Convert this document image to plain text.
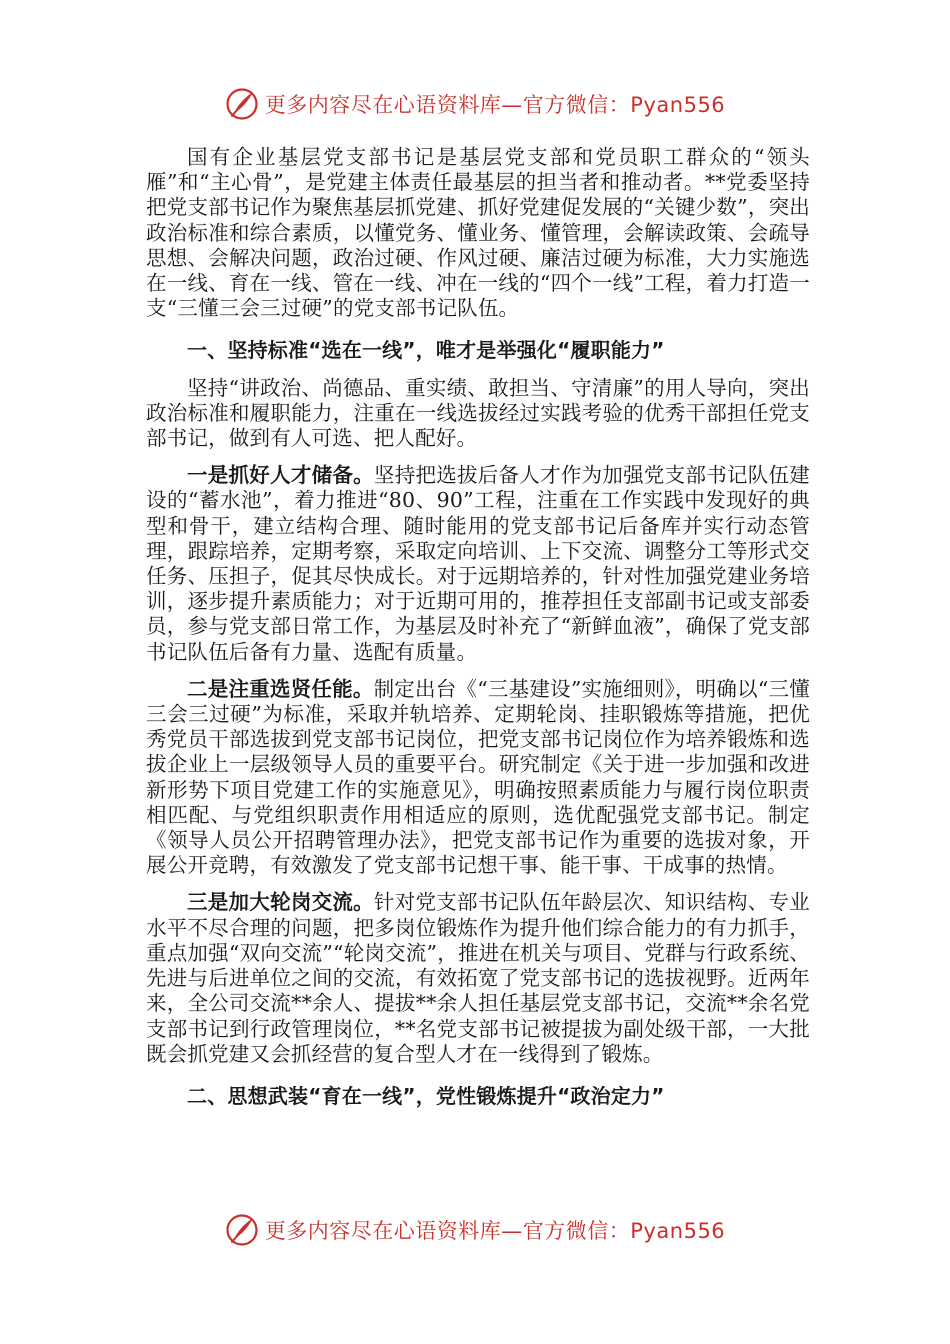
更多内容尽在心语资料库—官方微信：Pyan556

国有企业基层党支部书记是基层党支部和党员职工群众的“领头雁”和“主心骨”，是党建主体责任最基层的担当者和推动者。**党委坚持把党支部书记作为聚焦基层抓党建、抓好党建促发展的“关键少数”，突出政治标准和综合素质，以懂党务、懂业务、懂管理，会解读政策、会疏导思想、会解决问题，政治过硬、作风过硬、廉洁过硬为标准，大力实施选在一线、育在一线、管在一线、冲在一线的“四个一线”工程，着力打造一支“三懂三会三过硬”的党支部书记队伍。

一、坚持标准“选在一线”，唯才是举强化“履职能力”

坚持“讲政治、尚德品、重实绩、敢担当、守清廉”的用人导向，突出政治标准和履职能力，注重在一线选拔经过实践考验的优秀干部担任党支部书记，做到有人可选、把人配好。

一是抓好人才储备。坚持把选拔后备人才作为加强党支部书记队伍建设的“蓄水池”，着力推进“80、90”工程，注重在工作实践中发现好的典型和骨干，建立结构合理、随时能用的党支部书记后备库并实行动态管理，跟踪培养，定期考察，采取定向培训、上下交流、调整分工等形式交任务、压担子，促其尽快成长。对于远期培养的，针对性加强党建业务培训，逐步提升素质能力；对于近期可用的，推荐担任支部副书记或支部委员，参与党支部日常工作，为基层及时补充了“新鲜血液”，确保了党支部书记队伍后备有力量、选配有质量。

二是注重选贤任能。制定出台《“三基建设”实施细则》，明确以“三懂三会三过硬”为标准，采取并轨培养、定期轮岗、挂职锻炼等措施，把优秀党员干部选拔到党支部书记岗位，把党支部书记岗位作为培养锻炼和选拔企业上一层级领导人员的重要平台。研究制定《关于进一步加强和改进新形势下项目党建工作的实施意见》，明确按照素质能力与履行岗位职责相匹配、与党组织职责作用相适应的原则，选优配强党支部书记。制定《领导人员公开招聘管理办法》，把党支部书记作为重要的选拔对象，开展公开竞聘，有效激发了党支部书记想干事、能干事、干成事的热情。

三是加大轮岗交流。针对党支部书记队伍年龄层次、知识结构、专业水平不尽合理的问题，把多岗位锻炼作为提升他们综合能力的有力抓手，重点加强“双向交流”“轮岗交流”，推进在机关与项目、党群与行政系统、先进与后进单位之间的交流，有效拓宽了党支部书记的选拔视野。近两年来，全公司交流**余人、提拔**余人担任基层党支部书记，交流**余名党支部书记到行政管理岗位，**名党支部书记被提拔为副处级干部，一大批既会抓党建又会抓经营的复合型人才在一线得到了锻炼。

二、思想武装“育在一线”，党性锻炼提升“政治定力”

更多内容尽在心语资料库—官方微信：Pyan556
